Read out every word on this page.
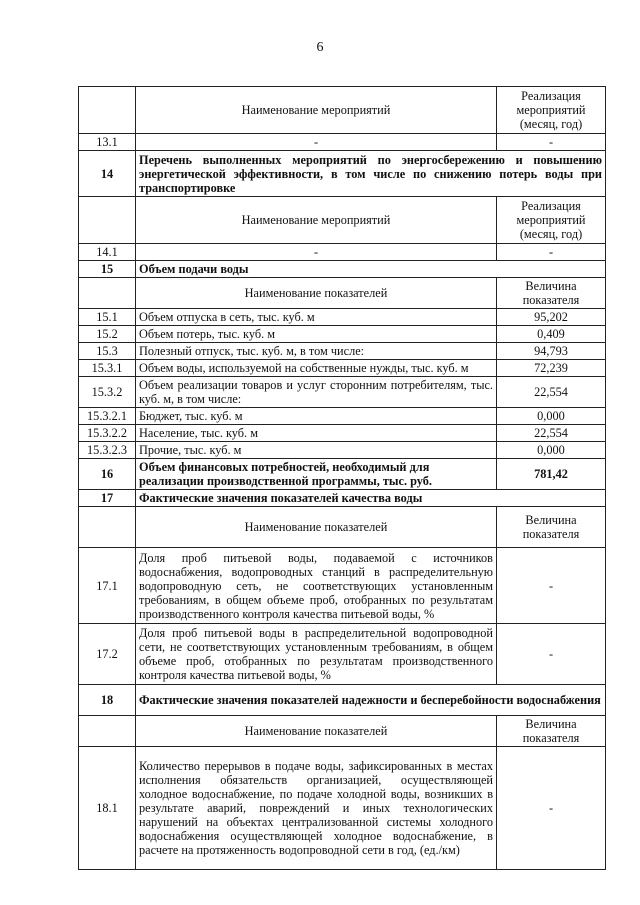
6
	Наименование мероприятий	Реализация мероприятий (месяц, год)
13.1	-	-
14	Перечень выполненных мероприятий по энергосбережению и повышению энергетической эффективности, в том числе по снижению потерь воды при транспортировке	
	Наименование мероприятий	Реализация мероприятий (месяц, год)
14.1	-	-
15	Объем подачи воды	
	Наименование показателей	Величина показателя
15.1	Объем отпуска в сеть, тыс. куб. м	95,202
15.2	Объем потерь, тыс. куб. м	0,409
15.3	Полезный отпуск, тыс. куб. м, в том числе:	94,793
15.3.1	Объем воды, используемой на собственные нужды, тыс. куб. м	72,239
15.3.2	Объем реализации товаров и услуг сторонним потребителям, тыс. куб. м, в том числе:	22,554
15.3.2.1	Бюджет, тыс. куб. м	0,000
15.3.2.2	Население, тыс. куб. м	22,554
15.3.2.3	Прочие, тыс. куб. м	0,000
16	Объем финансовых потребностей, необходимый для реализации производственной программы, тыс. руб.	781,42
17	Фактические значения показателей качества воды	
	Наименование показателей	Величина показателя
17.1	Доля проб питьевой воды, подаваемой с источников водоснабжения, водопроводных станций в распределительную водопроводную сеть, не соответствующих установленным требованиям, в общем объеме проб, отобранных по результатам производственного контроля качества питьевой воды, %	-
17.2	Доля проб питьевой воды в распределительной водопроводной сети, не соответствующих установленным требованиям, в общем объеме проб, отобранных по результатам производственного контроля качества питьевой воды, %	-
18	Фактические значения показателей надежности и бесперебойности водоснабжения	
	Наименование показателей	Величина показателя
18.1	Количество перерывов в подаче воды, зафиксированных в местах исполнения обязательств организацией, осуществляющей холодное водоснабжение, по подаче холодной воды, возникших в результате аварий, повреждений и иных технологических нарушений на объектах централизованной системы холодного водоснабжения осуществляющей холодное водоснабжение, в расчете на протяженность водопроводной сети в год, (ед./км)	-
